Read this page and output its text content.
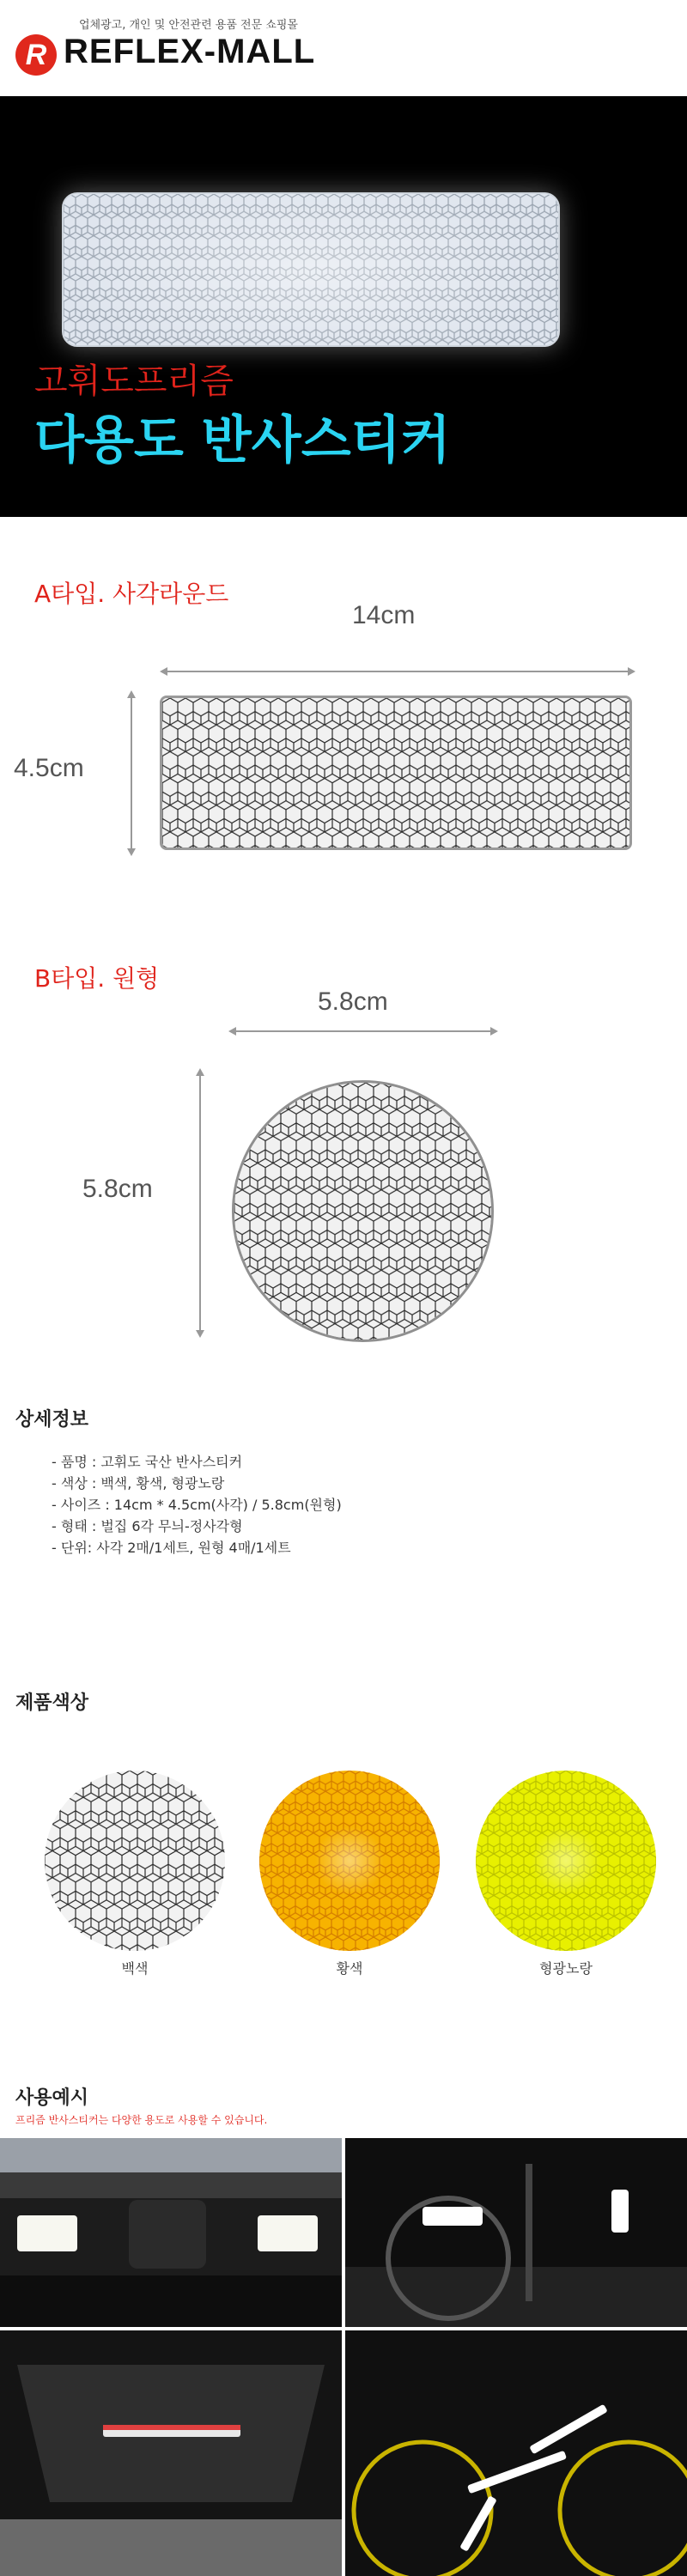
업체광고, 개인 및 안전관련 용품 전문 쇼핑몰
R REFLEX-MALL
고휘도프리즘
다용도 반사스티커
A타입. 사각라운드
14cm
4.5cm
B타입. 원형
5.8cm
5.8cm
상세정보
- 품명 : 고휘도 국산 반사스티커
- 색상 : 백색, 황색, 형광노랑
- 사이즈 : 14cm * 4.5cm(사각) / 5.8cm(원형)
- 형태 : 벌집 6각 무늬-정사각형
- 단위: 사각 2매/1세트, 원형 4매/1세트
제품색상
백색	황색	형광노랑
사용예시
프리즘 반사스티커는 다양한 용도로 사용할 수 있습니다.
